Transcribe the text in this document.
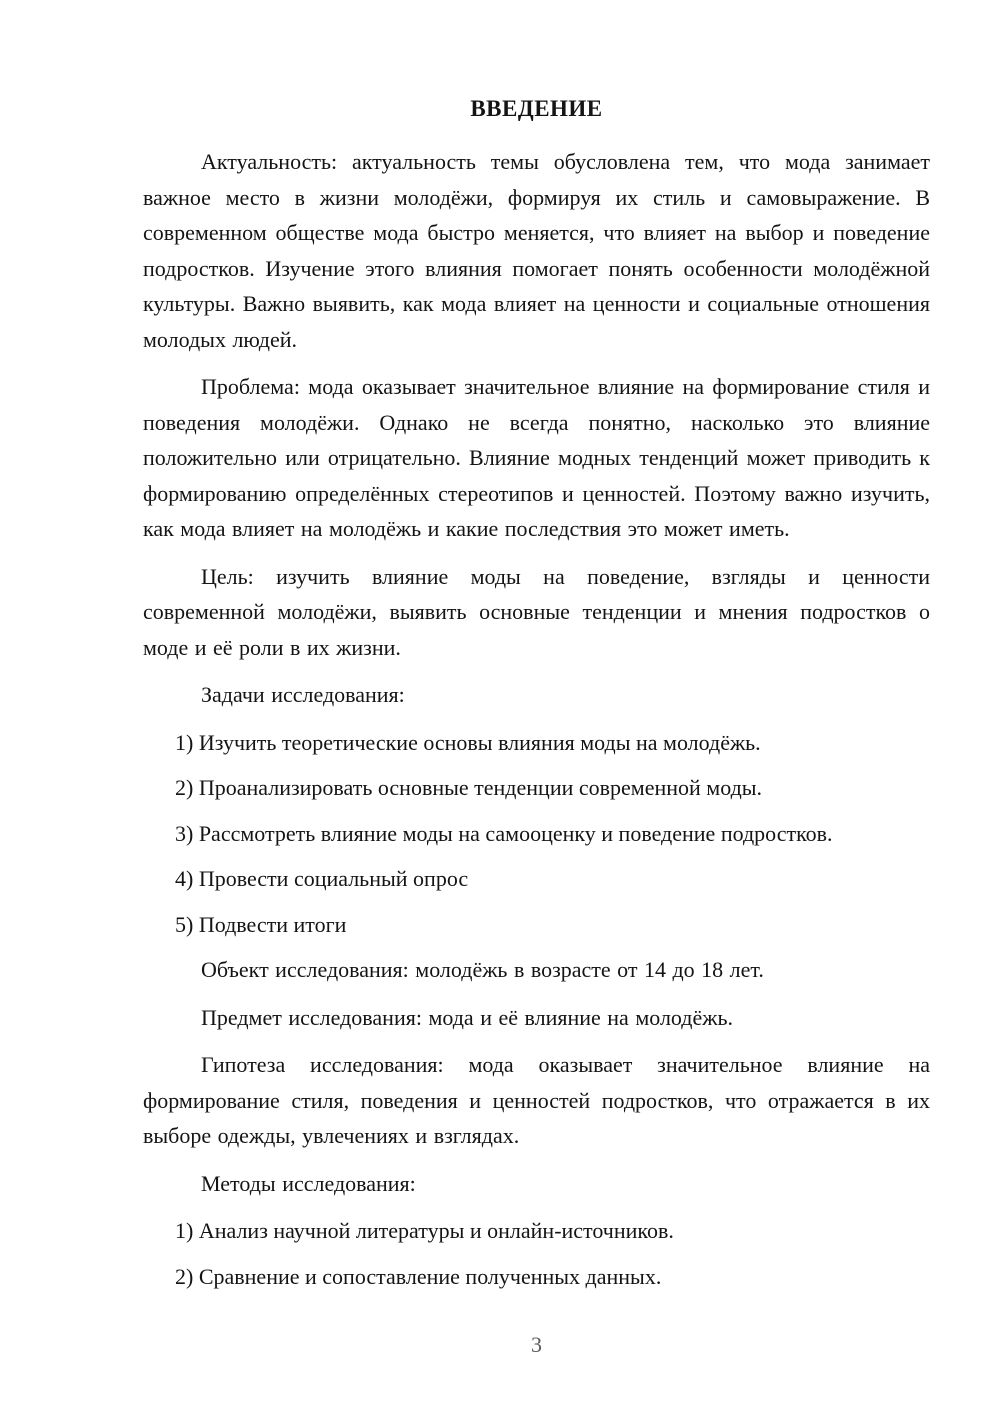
ВВЕДЕНИЕ

Актуальность: актуальность темы обусловлена тем, что мода занимает важное место в жизни молодёжи, формируя их стиль и самовыражение. В современном обществе мода быстро меняется, что влияет на выбор и поведение подростков. Изучение этого влияния помогает понять особенности молодёжной культуры. Важно выявить, как мода влияет на ценности и социальные отношения молодых людей.

Проблема: мода оказывает значительное влияние на формирование стиля и поведения молодёжи. Однако не всегда понятно, насколько это влияние положительно или отрицательно. Влияние модных тенденций может приводить к формированию определённых стереотипов и ценностей. Поэтому важно изучить, как мода влияет на молодёжь и какие последствия это может иметь.

Цель: изучить влияние моды на поведение, взгляды и ценности современной молодёжи, выявить основные тенденции и мнения подростков о моде и её роли в их жизни.

Задачи исследования:

1) Изучить теоретические основы влияния моды на молодёжь.
2) Проанализировать основные тенденции современной моды.
3) Рассмотреть влияние моды на самооценку и поведение подростков.
4) Провести социальный опрос
5) Подвести итоги

Объект исследования: молодёжь в возрасте от 14 до 18 лет.

Предмет исследования: мода и её влияние на молодёжь.

Гипотеза исследования: мода оказывает значительное влияние на формирование стиля, поведения и ценностей подростков, что отражается в их выборе одежды, увлечениях и взглядах.

Методы исследования:

1) Анализ научной литературы и онлайн-источников.
2) Сравнение и сопоставление полученных данных.
3
